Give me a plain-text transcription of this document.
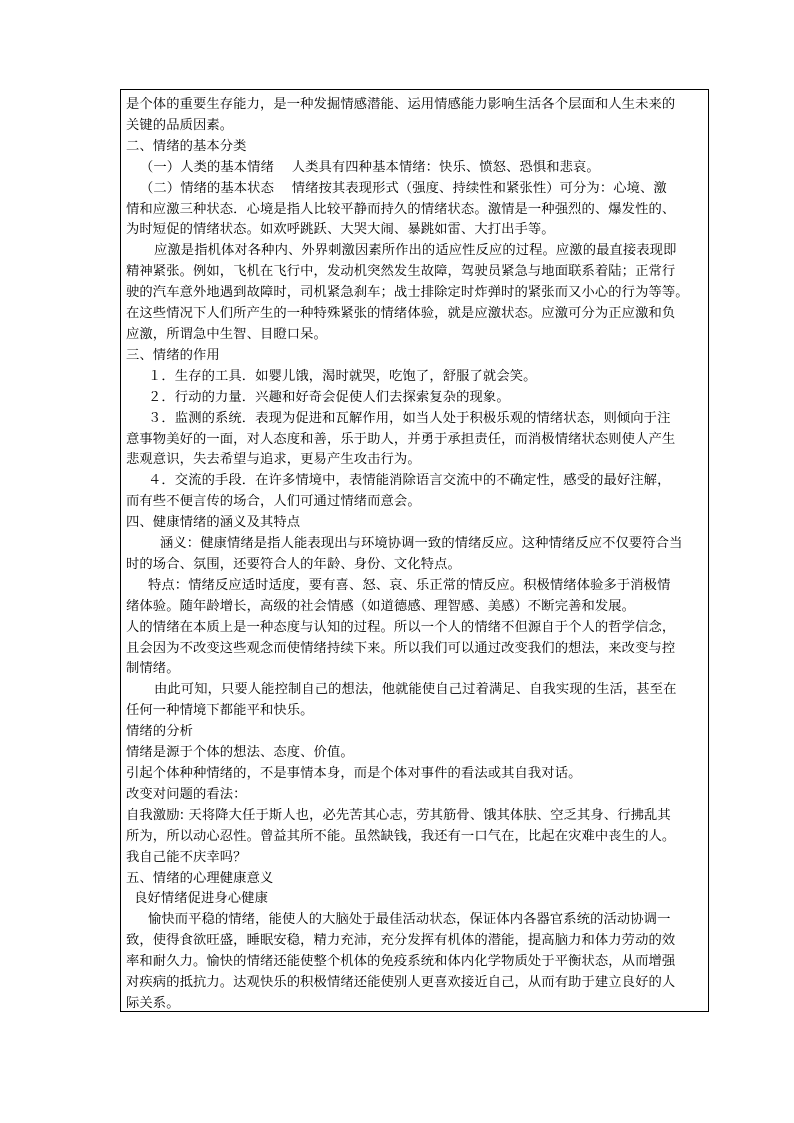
是个体的重要生存能力，是一种发掘情感潜能、运用情感能力影响生活各个层面和人生未来的
关键的品质因素。
二、情绪的基本分类
（一）人类的基本情绪　 人类具有四种基本情绪：快乐、愤怒、恐惧和悲哀。
（二）情绪的基本状态　 情绪按其表现形式（强度、持续性和紧张性）可分为：心境、激
情和应激三种状态．心境是指人比较平静而持久的情绪状态。激情是一种强烈的、爆发性的、
为时短促的情绪状态。如欢呼跳跃、大哭大闹、暴跳如雷、大打出手等。
应激是指机体对各种内、外界刺激因素所作出的适应性反应的过程。应激的最直接表现即
精神紧张。例如，飞机在飞行中，发动机突然发生故障，驾驶员紧急与地面联系着陆；正常行
驶的汽车意外地遇到故障时，司机紧急刹车；战士排除定时炸弹时的紧张而又小心的行为等等。
在这些情况下人们所产生的一种特殊紧张的情绪体验，就是应激状态。应激可分为正应激和负
应激，所谓急中生智、目瞪口呆。
三、情绪的作用
１．生存的工具．如婴儿饿，渴时就哭，吃饱了，舒服了就会笑。
２．行动的力量．兴趣和好奇会促使人们去探索复杂的现象。
３．监测的系统．表现为促进和瓦解作用，如当人处于积极乐观的情绪状态，则倾向于注
意事物美好的一面，对人态度和善，乐于助人，并勇于承担责任，而消极情绪状态则使人产生
悲观意识，失去希望与追求，更易产生攻击行为。
４．交流的手段．在许多情境中，表情能消除语言交流中的不确定性，感受的最好注解，
而有些不便言传的场合，人们可通过情绪而意会。
四、健康情绪的涵义及其特点
涵义：健康情绪是指人能表现出与环境协调一致的情绪反应。这种情绪反应不仅要符合当
时的场合、氛围，还要符合人的年龄、身份、文化特点。
特点：情绪反应适时适度，要有喜、怒、哀、乐正常的情反应。积极情绪体验多于消极情
绪体验。随年龄增长，高级的社会情感（如道德感、理智感、美感）不断完善和发展。
人的情绪在本质上是一种态度与认知的过程。所以一个人的情绪不但源自于个人的哲学信念，
且会因为不改变这些观念而使情绪持续下来。所以我们可以通过改变我们的想法，来改变与控
制情绪。
由此可知，只要人能控制自己的想法，他就能使自己过着满足、自我实现的生活，甚至在
任何一种情境下都能平和快乐。
情绪的分析
情绪是源于个体的想法、态度、价值。
引起个体种种情绪的，不是事情本身，而是个体对事件的看法或其自我对话。
改变对问题的看法：
自我激励: 天将降大任于斯人也，必先苦其心志，劳其筋骨、饿其体肤、空乏其身、行拂乱其
所为，所以动心忍性。曾益其所不能。虽然缺钱，我还有一口气在，比起在灾难中丧生的人。
我自己能不庆幸吗？
五、情绪的心理健康意义
良好情绪促进身心健康
愉快而平稳的情绪，能使人的大脑处于最佳活动状态，保证体内各器官系统的活动协调一
致，使得食欲旺盛，睡眠安稳，精力充沛，充分发挥有机体的潜能，提高脑力和体力劳动的效
率和耐久力。愉快的情绪还能使整个机体的免疫系统和体内化学物质处于平衡状态，从而增强
对疾病的抵抗力。达观快乐的积极情绪还能使别人更喜欢接近自己，从而有助于建立良好的人
际关系。
